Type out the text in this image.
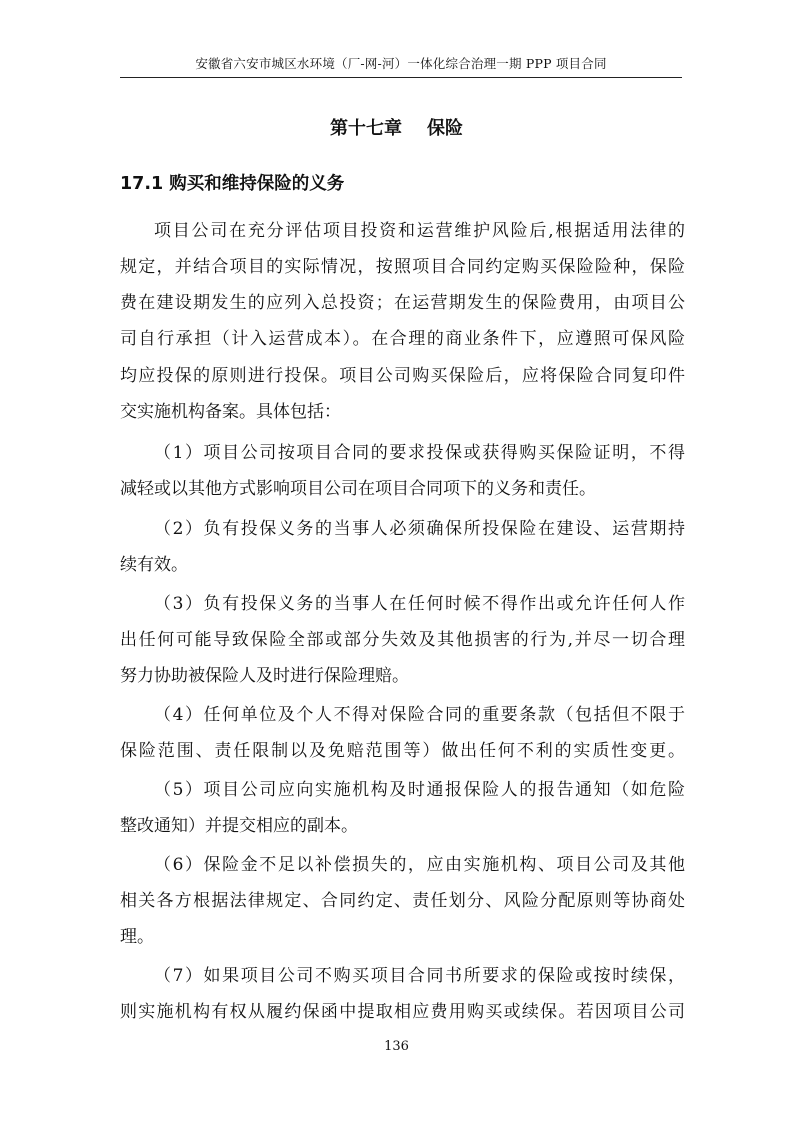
安徽省六安市城区水环境（厂-网-河）一体化综合治理一期 PPP 项目合同
第十七章    保险
17.1 购买和维持保险的义务
项目公司在充分评估项目投资和运营维护风险后,根据适用法律的
规定，并结合项目的实际情况，按照项目合同约定购买保险险种，保险
费在建设期发生的应列入总投资；在运营期发生的保险费用，由项目公
司自行承担（计入运营成本）。在合理的商业条件下，应遵照可保风险
均应投保的原则进行投保。项目公司购买保险后，应将保险合同复印件
交实施机构备案。具体包括：
（1）项目公司按项目合同的要求投保或获得购买保险证明，不得
减轻或以其他方式影响项目公司在项目合同项下的义务和责任。
（2）负有投保义务的当事人必须确保所投保险在建设、运营期持
续有效。
（3）负有投保义务的当事人在任何时候不得作出或允许任何人作
出任何可能导致保险全部或部分失效及其他损害的行为,并尽一切合理
努力协助被保险人及时进行保险理赔。
（4）任何单位及个人不得对保险合同的重要条款（包括但不限于
保险范围、责任限制以及免赔范围等）做出任何不利的实质性变更。
（5）项目公司应向实施机构及时通报保险人的报告通知（如危险
整改通知）并提交相应的副本。
（6）保险金不足以补偿损失的，应由实施机构、项目公司及其他
相关各方根据法律规定、合同约定、责任划分、风险分配原则等协商处
理。
（7）如果项目公司不购买项目合同书所要求的保险或按时续保，
则实施机构有权从履约保函中提取相应费用购买或续保。若因项目公司
136
